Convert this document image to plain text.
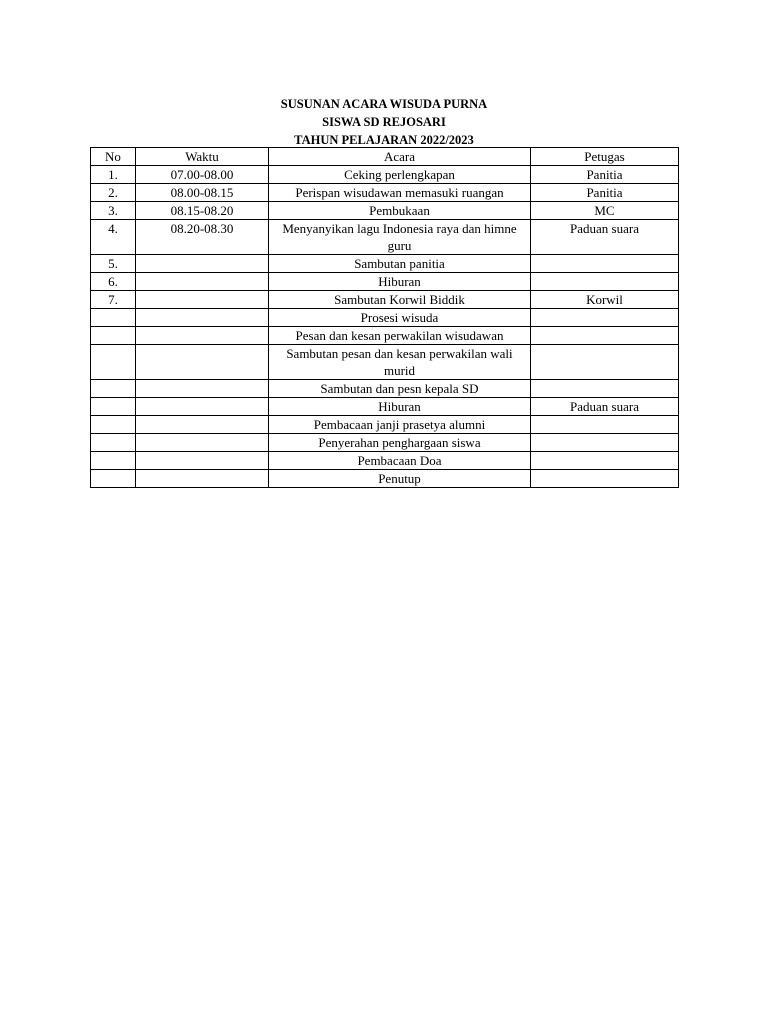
SUSUNAN ACARA WISUDA PURNA
SISWA SD REJOSARI
TAHUN PELAJARAN 2022/2023
No	Waktu	Acara	Petugas
1.	07.00-08.00	Ceking perlengkapan	Panitia
2.	08.00-08.15	Perispan wisudawan memasuki ruangan	Panitia
3.	08.15-08.20	Pembukaan	MC
4.	08.20-08.30	Menyanyikan lagu Indonesia raya dan himne guru	Paduan suara
5.		Sambutan panitia	
6.		Hiburan	
7.		Sambutan Korwil Biddik	Korwil
		Prosesi wisuda	
		Pesan dan kesan perwakilan wisudawan	
		Sambutan pesan dan kesan perwakilan wali murid	
		Sambutan dan pesn kepala SD	
		Hiburan	Paduan suara
		Pembacaan janji prasetya alumni	
		Penyerahan penghargaan siswa	
		Pembacaan Doa	
		Penutup	
